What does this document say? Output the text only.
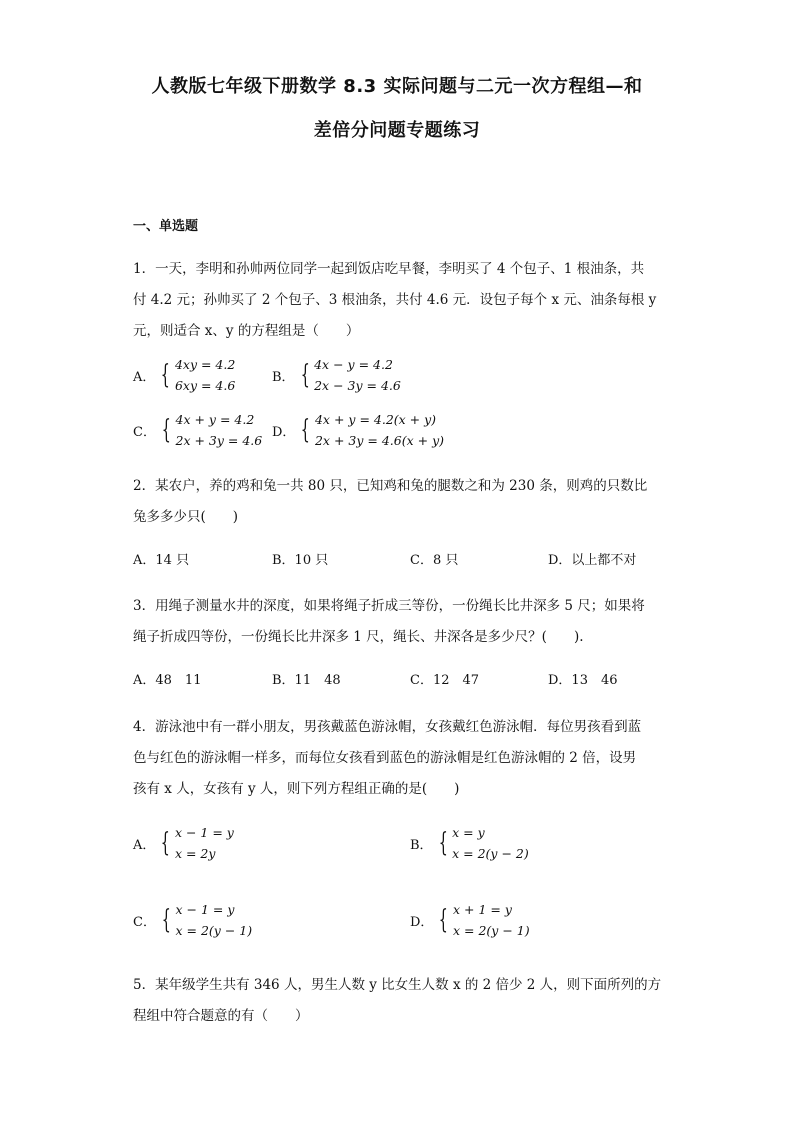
人教版七年级下册数学 8.3 实际问题与二元一次方程组—和
差倍分问题专题练习
一、单选题
1．一天，李明和孙帅两位同学一起到饭店吃早餐，李明买了 4 个包子、1 根油条，共
付 4.2 元；孙帅买了 2 个包子、3 根油条，共付 4.6 元．设包子每个 x 元、油条每根 y
元，则适合 x、y 的方程组是（　　）
A． { 4xy = 4.2
6xy = 4.6
B． { 4x − y = 4.2
2x − 3y = 4.6
C． { 4x + y = 4.2
2x + 3y = 4.6
D． { 4x + y = 4.2(x + y)
2x + 3y = 4.6(x + y)
2．某农户，养的鸡和兔一共 80 只，已知鸡和兔的腿数之和为 230 条，则鸡的只数比
兔多多少只(　　)
A．14 只	B．10 只	C．8 只	D．以上都不对
3．用绳子测量水井的深度，如果将绳子折成三等份，一份绳长比井深多 5 尺；如果将
绳子折成四等份，一份绳长比井深多 1 尺，绳长、井深各是多少尺？(　　).
A．48　11	B．11　48	C．12　47	D．13　46
4．游泳池中有一群小朋友，男孩戴蓝色游泳帽，女孩戴红色游泳帽．每位男孩看到蓝
色与红色的游泳帽一样多，而每位女孩看到蓝色的游泳帽是红色游泳帽的 2 倍，设男
孩有 x 人，女孩有 y 人，则下列方程组正确的是(　　)
A． { x − 1 = y
x = 2y
B． { x = y
x = 2(y − 2)
C． { x − 1 = y
x = 2(y − 1)
D． { x + 1 = y
x = 2(y − 1)
5．某年级学生共有 346 人，男生人数 y 比女生人数 x 的 2 倍少 2 人，则下面所列的方
程组中符合题意的有（　　）
